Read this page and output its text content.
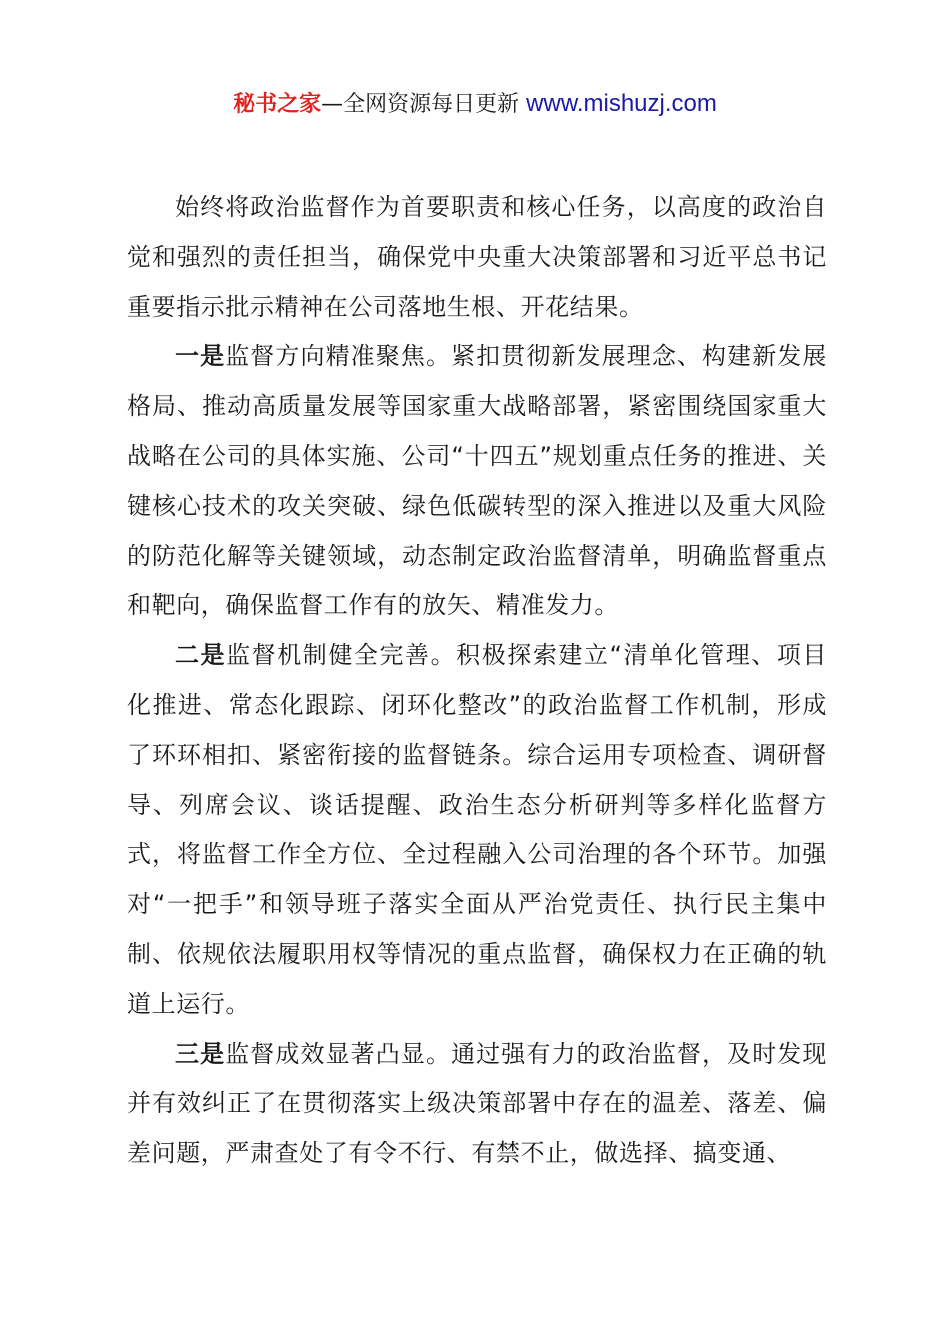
秘书之家—全网资源每日更新 www.mishuzj.com

始终将政治监督作为首要职责和核心任务，以高度的政治自觉和强烈的责任担当，确保党中央重大决策部署和习近平总书记重要指示批示精神在公司落地生根、开花结果。

一是监督方向精准聚焦。紧扣贯彻新发展理念、构建新发展格局、推动高质量发展等国家重大战略部署，紧密围绕国家重大战略在公司的具体实施、公司“十四五”规划重点任务的推进、关键核心技术的攻关突破、绿色低碳转型的深入推进以及重大风险的防范化解等关键领域，动态制定政治监督清单，明确监督重点和靶向，确保监督工作有的放矢、精准发力。

二是监督机制健全完善。积极探索建立“清单化管理、项目化推进、常态化跟踪、闭环化整改”的政治监督工作机制，形成了环环相扣、紧密衔接的监督链条。综合运用专项检查、调研督导、列席会议、谈话提醒、政治生态分析研判等多样化监督方式，将监督工作全方位、全过程融入公司治理的各个环节。加强对“一把手”和领导班子落实全面从严治党责任、执行民主集中制、依规依法履职用权等情况的重点监督，确保权力在正确的轨道上运行。

三是监督成效显著凸显。通过强有力的政治监督，及时发现并有效纠正了在贯彻落实上级决策部署中存在的温差、落差、偏差问题，严肃查处了有令不行、有禁不止，做选择、搞变通、
